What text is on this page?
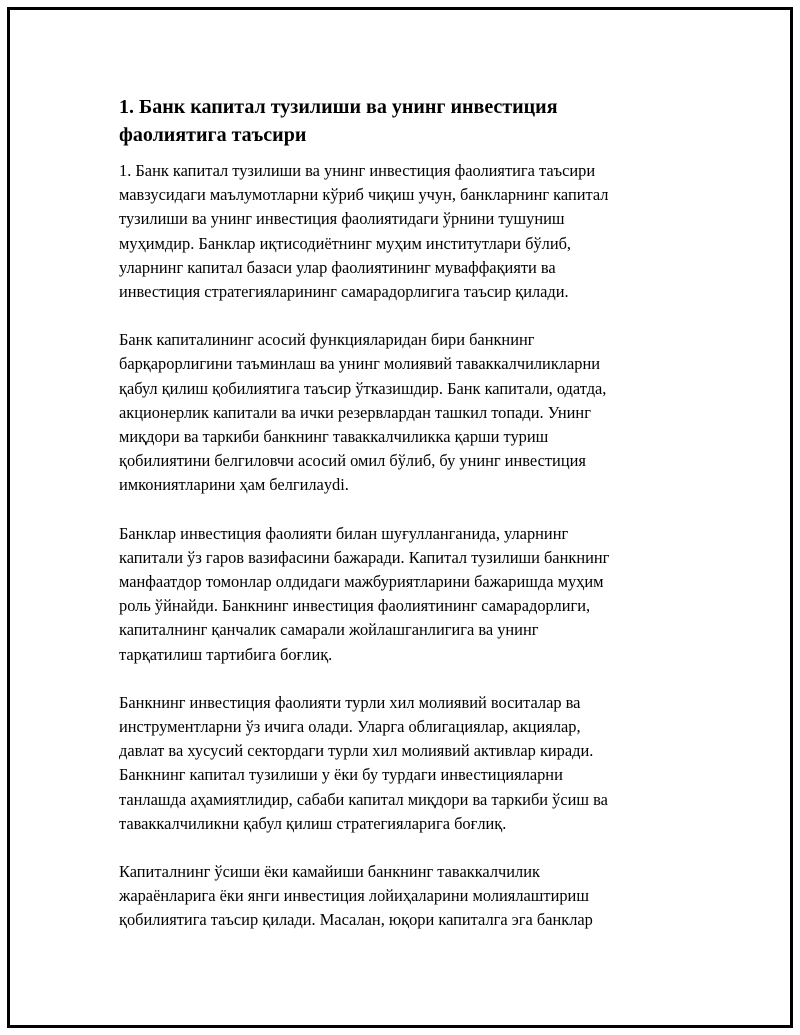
1. Банк капитал тузилиши ва унинг инвестиция
фаолиятига таъсири

1. Банк капитал тузилиши ва унинг инвестиция фаолиятига таъсири
мавзусидаги маълумотларни кўриб чиқиш учун, банкларнинг капитал
тузилиши ва унинг инвестиция фаолиятидаги ўрнини тушуниш
муҳимдир. Банклар иқтисодиётнинг муҳим институтлари бўлиб,
уларнинг капитал базаси улар фаолиятининг муваффақияти ва
инвестиция стратегияларининг самарадорлигига таъсир қилади.

Банк капиталининг асосий функцияларидан бири банкнинг
барқарорлигини таъминлаш ва унинг молиявий таваккалчиликларни
қабул қилиш қобилиятига таъсир ўтказишдир. Банк капитали, одатда,
акционерлик капитали ва ички резервлардан ташкил топади. Унинг
миқдори ва таркиби банкнинг таваккалчиликка қарши туриш
қобилиятини белгиловчи асосий омил бўлиб, бу унинг инвестиция
имкониятларини ҳам белгилаydi.

Банклар инвестиция фаолияти билан шуғулланганида, уларнинг
капитали ўз гаров вазифасини бажаради. Капитал тузилиши банкнинг
манфаатдор томонлар олдидаги мажбуриятларини бажаришда муҳим
роль ўйнайди. Банкнинг инвестиция фаолиятининг самарадорлиги,
капиталнинг қанчалик самарали жойлашганлигига ва унинг
тарқатилиш тартибига боғлиқ.

Банкнинг инвестиция фаолияти турли хил молиявий воситалар ва
инструментларни ўз ичига олади. Уларга облигациялар, акциялар,
давлат ва хусусий сектордаги турли хил молиявий активлар киради.
Банкнинг капитал тузилиши у ёки бу турдаги инвестицияларни
танлашда аҳамиятлидир, сабаби капитал миқдори ва таркиби ўсиш ва
таваккалчиликни қабул қилиш стратегияларига боғлиқ.

Капиталнинг ўсиши ёки камайиши банкнинг таваккалчилик
жараёнларига ёки янги инвестиция лойиҳаларини молиялаштириш
қобилиятига таъсир қилади. Масалан, юқори капиталга эга банклар
